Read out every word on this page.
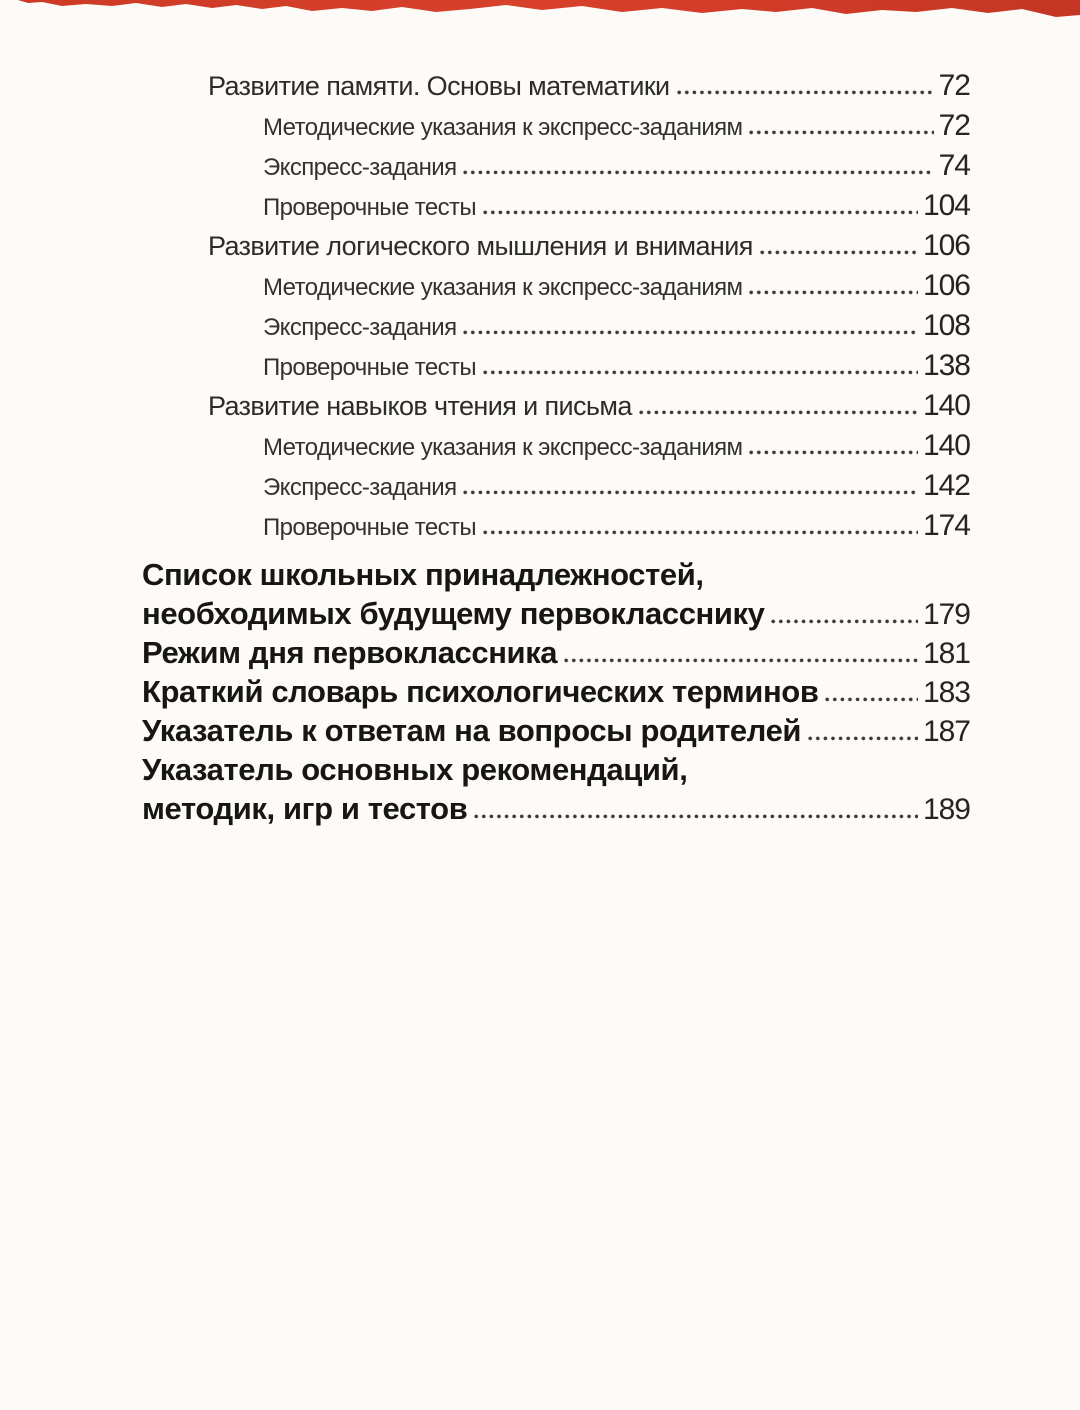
Развитие памяти. Основы математики	72
Методические указания к экспресс-заданиям	72
Экспресс-задания	74
Проверочные тесты	104
Развитие логического мышления и внимания	106
Методические указания к экспресс-заданиям	106
Экспресс-задания	108
Проверочные тесты	138
Развитие навыков чтения и письма	140
Методические указания к экспресс-заданиям	140
Экспресс-задания	142
Проверочные тесты	174
Список школьных принадлежностей,
необходимых будущему первокласснику	179
Режим дня первоклассника	181
Краткий словарь психологических терминов	183
Указатель к ответам на вопросы родителей	187
Указатель основных рекомендаций,
методик, игр и тестов	189
